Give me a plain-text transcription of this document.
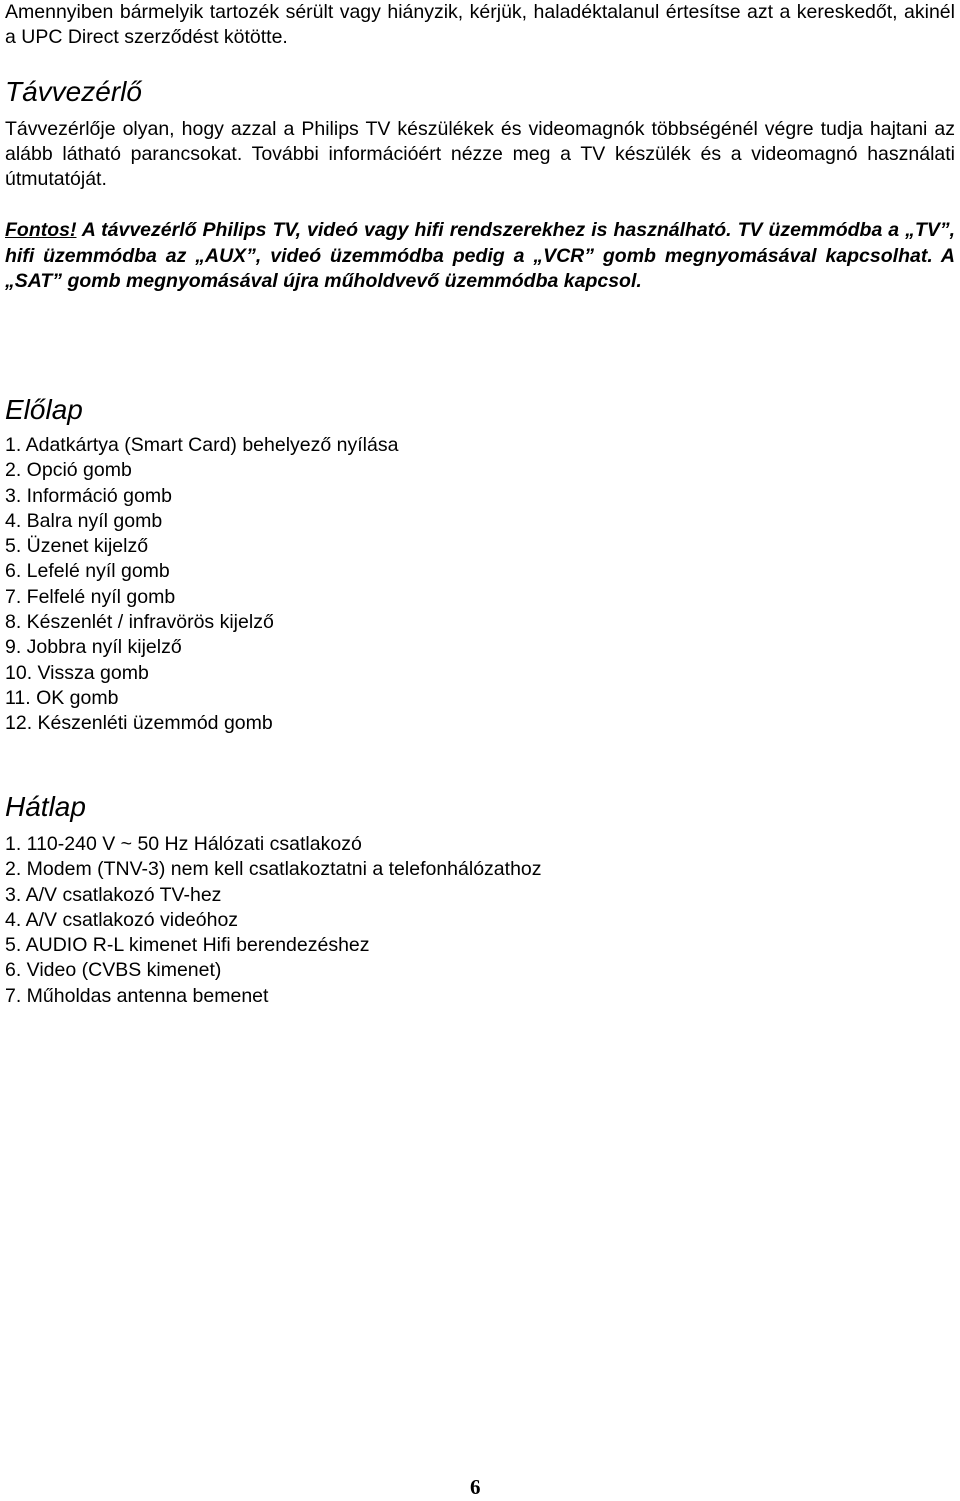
Amennyiben bármelyik tartozék sérült vagy hiányzik, kérjük, haladéktalanul értesítse azt a kereskedőt, akinél a UPC Direct szerződést kötötte.

Távvezérlő

Távvezérlője olyan, hogy azzal a Philips TV készülékek és videomagnók többségénél végre tudja hajtani az alább látható parancsokat. További információért nézze meg a TV készülék és a videomagnó használati útmutatóját.

Fontos! A távvezérlő Philips TV, videó vagy hifi rendszerekhez is használható. TV üzemmódba a „TV”, hifi üzemmódba az „AUX”, videó üzemmódba pedig a „VCR” gomb megnyomásával kapcsolhat. A „SAT” gomb megnyomásával újra műholdvevő üzemmódba kapcsol.

Előlap
1. Adatkártya (Smart Card) behelyező nyílása
2. Opció gomb
3. Információ gomb
4. Balra nyíl gomb
5. Üzenet kijelző
6. Lefelé nyíl gomb
7. Felfelé nyíl gomb
8. Készenlét / infravörös kijelző
9. Jobbra nyíl kijelző
10. Vissza gomb
11. OK gomb
12. Készenléti üzemmód gomb
Hátlap
1. 110-240 V ~ 50 Hz Hálózati csatlakozó
2. Modem (TNV-3) nem kell csatlakoztatni a telefonhálózathoz
3. A/V csatlakozó TV-hez
4. A/V csatlakozó videóhoz
5. AUDIO R-L kimenet Hifi berendezéshez
6. Video (CVBS kimenet)
7. Műholdas antenna bemenet

6
